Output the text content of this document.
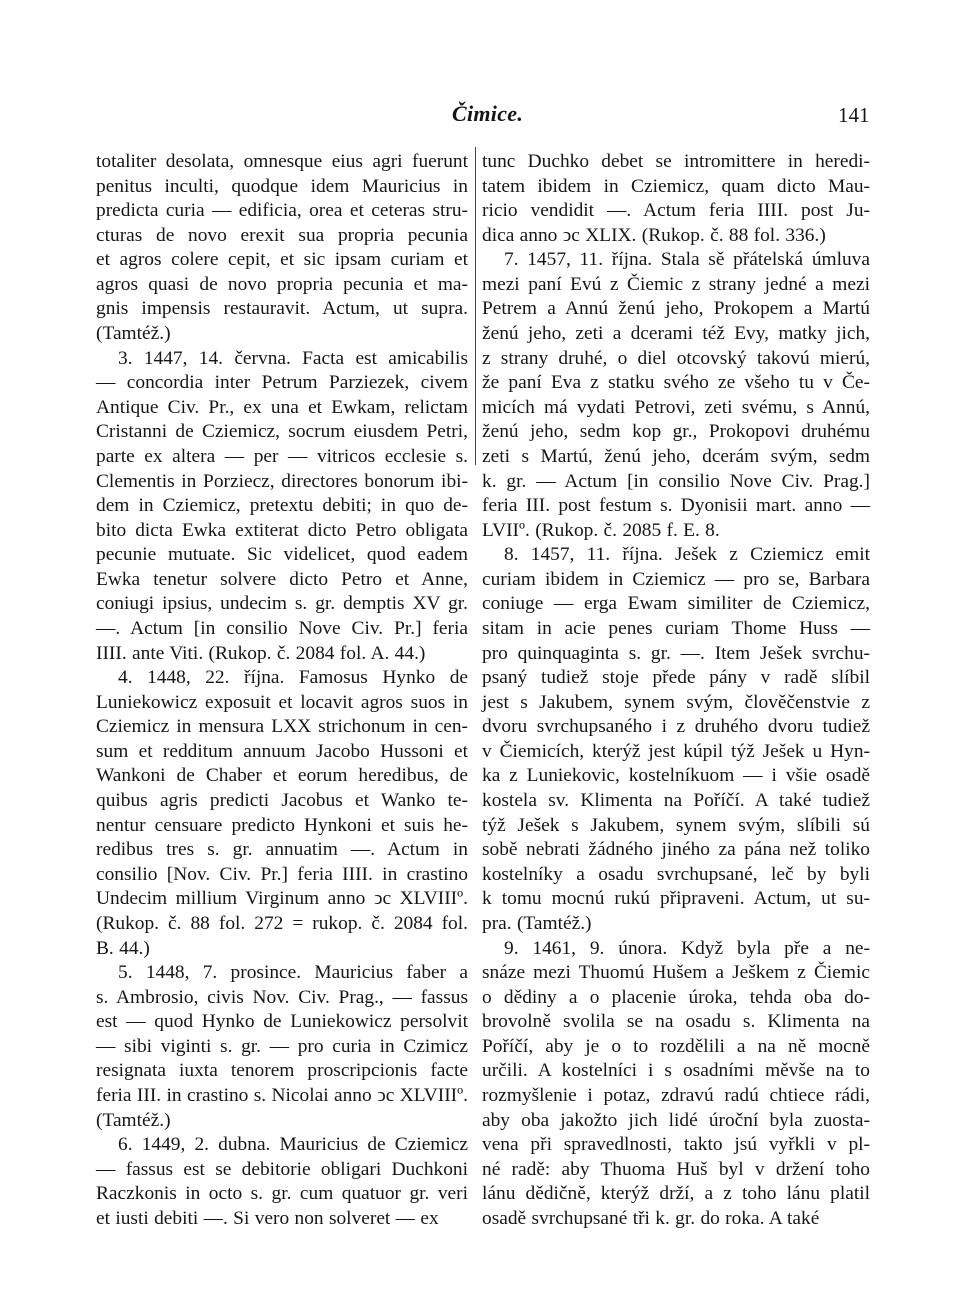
Čimice.	141
totaliter desolata, omnesque eius agri fuerunt
penitus inculti, quodque idem Mauricius in
predicta curia — edificia, orea et ceteras stru-
cturas de novo erexit sua propria pecunia
et agros colere cepit, et sic ipsam curiam et
agros quasi de novo propria pecunia et ma-
gnis impensis restauravit. Actum, ut supra.
(Tamtéž.)
3. 1447, 14. června. Facta est amicabilis
— concordia inter Petrum Parziezek, civem
Antique Civ. Pr., ex una et Ewkam, relictam
Cristanni de Cziemicz, socrum eiusdem Petri,
parte ex altera — per — vitricos ecclesie s.
Clementis in Porziecz, directores bonorum ibi-
dem in Cziemicz, pretextu debiti; in quo de-
bito dicta Ewka extiterat dicto Petro obligata
pecunie mutuate. Sic videlicet, quod eadem
Ewka tenetur solvere dicto Petro et Anne,
coniugi ipsius, undecim s. gr. demptis XV gr.
—. Actum [in consilio Nove Civ. Pr.] feria
IIII. ante Viti. (Rukop. č. 2084 fol. A. 44.)
4. 1448, 22. října. Famosus Hynko de
Luniekowicz exposuit et locavit agros suos in
Cziemicz in mensura LXX strichonum in cen-
sum et redditum annuum Jacobo Hussoni et
Wankoni de Chaber et eorum heredibus, de
quibus agris predicti Jacobus et Wanko te-
nentur censuare predicto Hynkoni et suis he-
redibus tres s. gr. annuatim —. Actum in
consilio [Nov. Civ. Pr.] feria IIII. in crastino
Undecim millium Virginum anno ↄc XLVIIIº.
(Rukop. č. 88 fol. 272 = rukop. č. 2084 fol.
B. 44.)
5. 1448, 7. prosince. Mauricius faber a
s. Ambrosio, civis Nov. Civ. Prag., — fassus
est — quod Hynko de Luniekowicz persolvit
— sibi viginti s. gr. — pro curia in Czimicz
resignata iuxta tenorem proscripcionis facte
feria III. in crastino s. Nicolai anno ↄc XLVIIIº.
(Tamtéž.)
6. 1449, 2. dubna. Mauricius de Cziemicz
— fassus est se debitorie obligari Duchkoni
Raczkonis in octo s. gr. cum quatuor gr. veri
et iusti debiti —. Si vero non solveret — ex
tunc Duchko debet se intromittere in heredi-
tatem ibidem in Cziemicz, quam dicto Mau-
ricio vendidit —. Actum feria IIII. post Ju-
dica anno ↄc XLIX. (Rukop. č. 88 fol. 336.)
7. 1457, 11. října. Stala sě přátelská úmluva
mezi paní Evú z Čiemic z strany jedné a mezi
Petrem a Annú ženú jeho, Prokopem a Martú
ženú jeho, zeti a dcerami též Evy, matky jich,
z strany druhé, o diel otcovský takovú mierú,
že paní Eva z statku svého ze všeho tu v Če-
micích má vydati Petrovi, zeti svému, s Annú,
ženú jeho, sedm kop gr., Prokopovi druhému
zeti s Martú, ženú jeho, dcerám svým, sedm
k. gr. — Actum [in consilio Nove Civ. Prag.]
feria III. post festum s. Dyonisii mart. anno —
LVIIº. (Rukop. č. 2085 f. E. 8.
8. 1457, 11. října. Ješek z Cziemicz emit
curiam ibidem in Cziemicz — pro se, Barbara
coniuge — erga Ewam similiter de Cziemicz,
sitam in acie penes curiam Thome Huss —
pro quinquaginta s. gr. —. Item Ješek svrchu-
psaný tudiež stoje přede pány v radě slíbil
jest s Jakubem, synem svým, člověčenstvie z
dvoru svrchupsaného i z druhého dvoru tudiež
v Čiemicích, kterýž jest kúpil týž Ješek u Hyn-
ka z Luniekovic, kostelníkuom — i všie osadě
kostela sv. Klimenta na Poříčí. A také tudiež
týž Ješek s Jakubem, synem svým, slíbili sú
sobě nebrati žádného jiného za pána než toliko
kostelníky a osadu svrchupsané, leč by byli
k tomu mocnú rukú připraveni. Actum, ut su-
pra. (Tamtéž.)
9. 1461, 9. února. Když byla pře a ne-
snáze mezi Thuomú Hušem a Ješkem z Čiemic
o dědiny a o placenie úroka, tehda oba do-
brovolně svolila se na osadu s. Klimenta na
Poříčí, aby je o to rozdělili a na ně mocně
určili. A kostelníci i s osadními měvše na to
rozmyšlenie i potaz, zdravú radú chtiece rádi,
aby oba jakožto jich lidé úroční byla zuosta-
vena při spravedlnosti, takto jsú vyřkli v pl-
né radě: aby Thuoma Huš byl v držení toho
lánu dědičně, kterýž drží, a z toho lánu platil
osadě svrchupsané tři k. gr. do roka. A také
